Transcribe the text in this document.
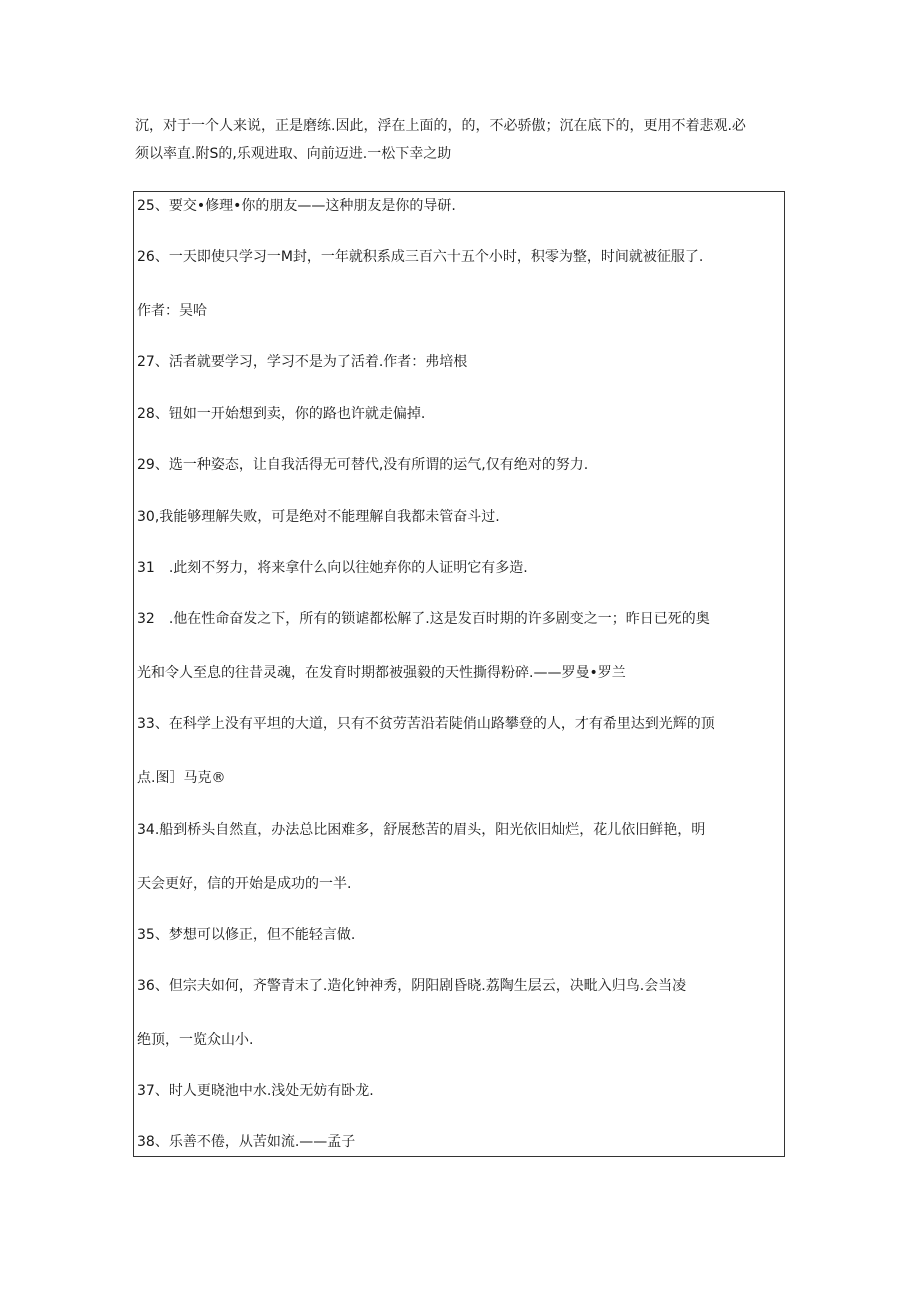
沉，对于一个人来说，正是磨练.因此，浮在上面的，的，不必骄傲；沉在底下的，更用不着悲观.必

须以率直.附S的,乐观进取、向前迈进.一松下幸之助

25、要交•修理•你的朋友——这种朋友是你的导研.
26、一天即使只学习一M封，一年就积系成三百六十五个小时，积零为整，时间就被征服了.
作者：吴哈
27、活者就要学习，学习不是为了活着.作者：弗培根
28、钮如一开始想到卖，你的路也许就走偏掉.
29、选一种姿态，让自我活得无可替代,没有所谓的运气,仅有绝对的努力.
30,我能够理解失败，可是绝对不能理解自我都未管奋斗过.
31　.此刻不努力，将来拿什么向以往她弃你的人证明它有多造.
32　.他在性命奋发之下，所有的锁谑都松解了.这是发百时期的许多剧变之一；昨日已死的奥
光和令人至息的往昔灵魂，在发育时期都被强毅的天性撕得粉碎.——罗曼•罗兰
33、在科学上没有平坦的大道，只有不贫劳苦沿若陡俏山路攀登的人，才有希里达到光辉的顶
点.图］马克®
34.船到桥头自然直，办法总比困难多，舒展愁苦的眉头，阳光依旧灿烂，花儿依旧鲜艳，明
天会更好，信的开始是成功的一半.
35、梦想可以修正，但不能轻言做.
36、但宗夫如何，齐警青末了.造化钟神秀，阴阳剧昏晓.荔陶生层云，决毗入归鸟.会当凌
绝顶，一览众山小.
37、时人更晓池中水.浅处无妨有卧龙.
38、乐善不倦，从苦如流.——孟子
